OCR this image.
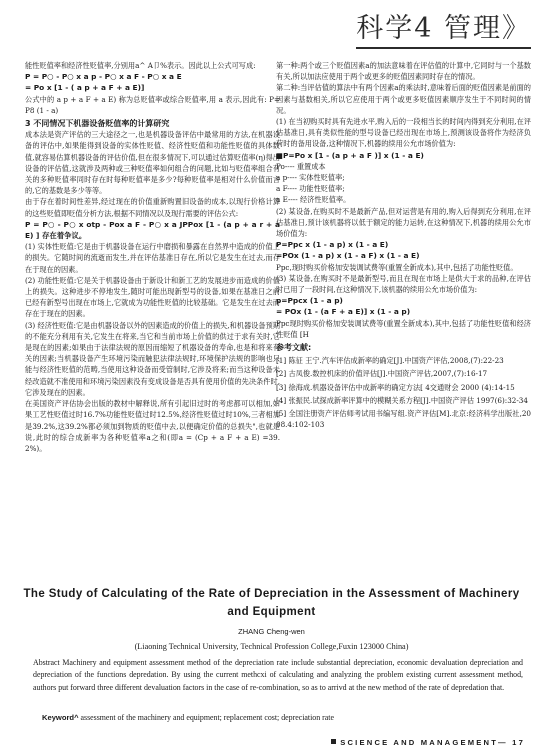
科学4 管理》

能性贬值率和经济性贬值率,分别用a^ A卩%表示。因此以上公式可写成:

P = P○ - P○ x a p - P○ x a F - P○ x a E

= Po x [1 - ( a p + a F + a E)]

公式中的 a p + a F + a E) 称为总贬值率或综合贬值率,用 a 表示,因此有: P= P8 (1 - a)

3 不同情况下机器设备贬值率的计算研究

成本法是资产评估的三大途径之一,也是机器设备评估中最常用的方法,在机器设备的评估中,如果能得到设备的实体性贬值、经济性贬值和功能性贬值的具体数值,就容易估算机器设备的评估价值,但在很多情况下,可以通过估算贬值率(η)得出设备的评估值,这就涉及两种或三种贬值率如何组合的问题,比如与贬值率组合有关的多种贬值率同时存在时每种贬值率是多少?每种贬值率是相对什么价值而言的,它的基数是多少等等。

由于存在着时间性差异,经过现在的价值重新购置旧设备的成本,以现行价格计算的这些贬值即贬值分析方法,根据不同情况以及现行需要的评估公式:

P = P○ - P○ x otp - Pox a F - P○ x a JPPox [1 - (a p + a r + a E) ] 存在着争议。

(1) 实体性贬值:它是由于机器设备在运行中磨损和暴露在自然界中造成的价值上的损失。它随时间的流逝而发生,并在评估基准日存在,所以它是发生在过去,而存在于现在的因素。

(2) 功能性贬值:它是关于机器设备由于新设计和新工艺的发展进步而造成的价值上的损失。这种进步不停地发生,随时可能出现新型号的设备,如果在基准日之前已经有新型号出现在市场上,它就成为功能性贬值的比较基础。它是发生在过去而存在于现在的因素。

(3) 经济性贬值:它是由机器设备以外的因素造成的价值上的损失,和机器设备预期的不能充分利用有关,它发生在将来,当它和当前市场上价值的供过于求有关时,它是现在的因素;如果由于法律法规的原因而缩短了机器设备的寿命,也是和将来有关的因素;当机器设备产生环境污染而触犯法律法规时,环境保护法规的影响也只能与经济性贬值的范畴,当使用这种设备而受管制时,它涉及将来;而当这种设备未经改造就不准使用和环境污染因素没有变成设备是否具有使用价值的先决条件时,它涉及现在的因素。

在美国资产评估协会出版的教材中解释说,所有引起旧过时的考虑都可以相加,如果工艺性贬值过时16.7%功能性贬值过时12.5%,经济性贬值过时10%,三者相加是39.2%,这39.2%都必须加到物质的贬值中去,以便确定价值的总损失",也就是说,此时的综合成新率为各种贬值率a之和(即a = (Cp + a F + a E) =39.2%)。

第一种:两个或三个贬值因素a的加法意味着在评估值的计算中,它同时与一个基数有关,所以加法应使用于两个或更多的贬值因素同时存在的情况。

第二种:当评估值的算法中有两个因素a的乘法时,意味着后面的贬值因素是前面的因素与基数相关,所以它应使用于两个或更多贬值因素顺序发生于不同时间的情况。

(1) 在当初购买时具有先进水平,购入后的一段相当长的时间内得到充分利用,在评估基准日,具有类似性能的型号设备已经出现在市场上,预测该设备将作为经济负荷时的备用设备,这种情况下,机器的续用公允市场价值为:

■P=Po x [1 - (a p + a F )] x (1 - a E)

Po---- 重置成本

a p---- 实体性贬值率;

a F---- 功能性贬值率;

a E---- 经济性贬值率。

(2) 某设备,在购买时不是最新产品,但对运营是有用的,购入后得到充分利用,在评估基准日,预计该机器将以低于额定的能力运转,在这种情况下,机器的续用公允市场价值为:

P=Ppc x (1 - a p) x (1 - a E)

=POx (1 - a p) x (1 - a F) x (1 - a E)

Ppc,现时购买价格加安装调试费等(重置全新成本),其中,包括了功能性贬值。

(3) 某设备,在购买时不是最新型号,而且在现在市场上是供大于求的品种,在评估时已用了一段时间,在这种情况下,该机器的续用公允市场价值为:

p=Ppcx (1 - a p)

= POx (1 - (a F + a E)] x (1 - a p)

Ppc现时购买价格加安装调试费等(重置全新成本),其中,包括了功能性贬值和经济性贬值 [H

参考文献:

[1] 陈征 王宁.汽车评估成新率的确定[J].中国资产评估,2008,(7):22-23

[2] 古凤俊.数控机床的价值评估[J].中国资产评估,2007,(7):16-17

[3] 徐海成.机器设备评估中成新率的确定方法[ 4交通财会 2000 (4):14-15

[4] 张振民.试探成新率评算中的模糊关系方程[J].中国资产评估 1997(6):32-34

[5] 全国注册资产评估师考试用书编写组.资产评估[M].北京:经济科学出版社,2008.4:102-103

The Study of Calculating of the Rate of Depreciation in the Assessment of Machinery and Equipment
ZHANG Cheng-wen
(Liaoning Technical University, Technical Profession College,Fuxin 123000 China)
Abstract Machinery and equipment assessment method of the depreciation rate include substantial depreciation, economic devaluation depreciation and depreciation of the functions depredation. By using the current methcxi of calculating and analyzing the problem existing current assessment method, authors put forward three different devaluation factors in the case of re-combination, so as to arrivd at the new method of the rate of depredation that.
Keyword^ assessment of the machinery and equipment; replacement cost; depreciation rate
SCIENCE AND MANAGEMENT— 17
